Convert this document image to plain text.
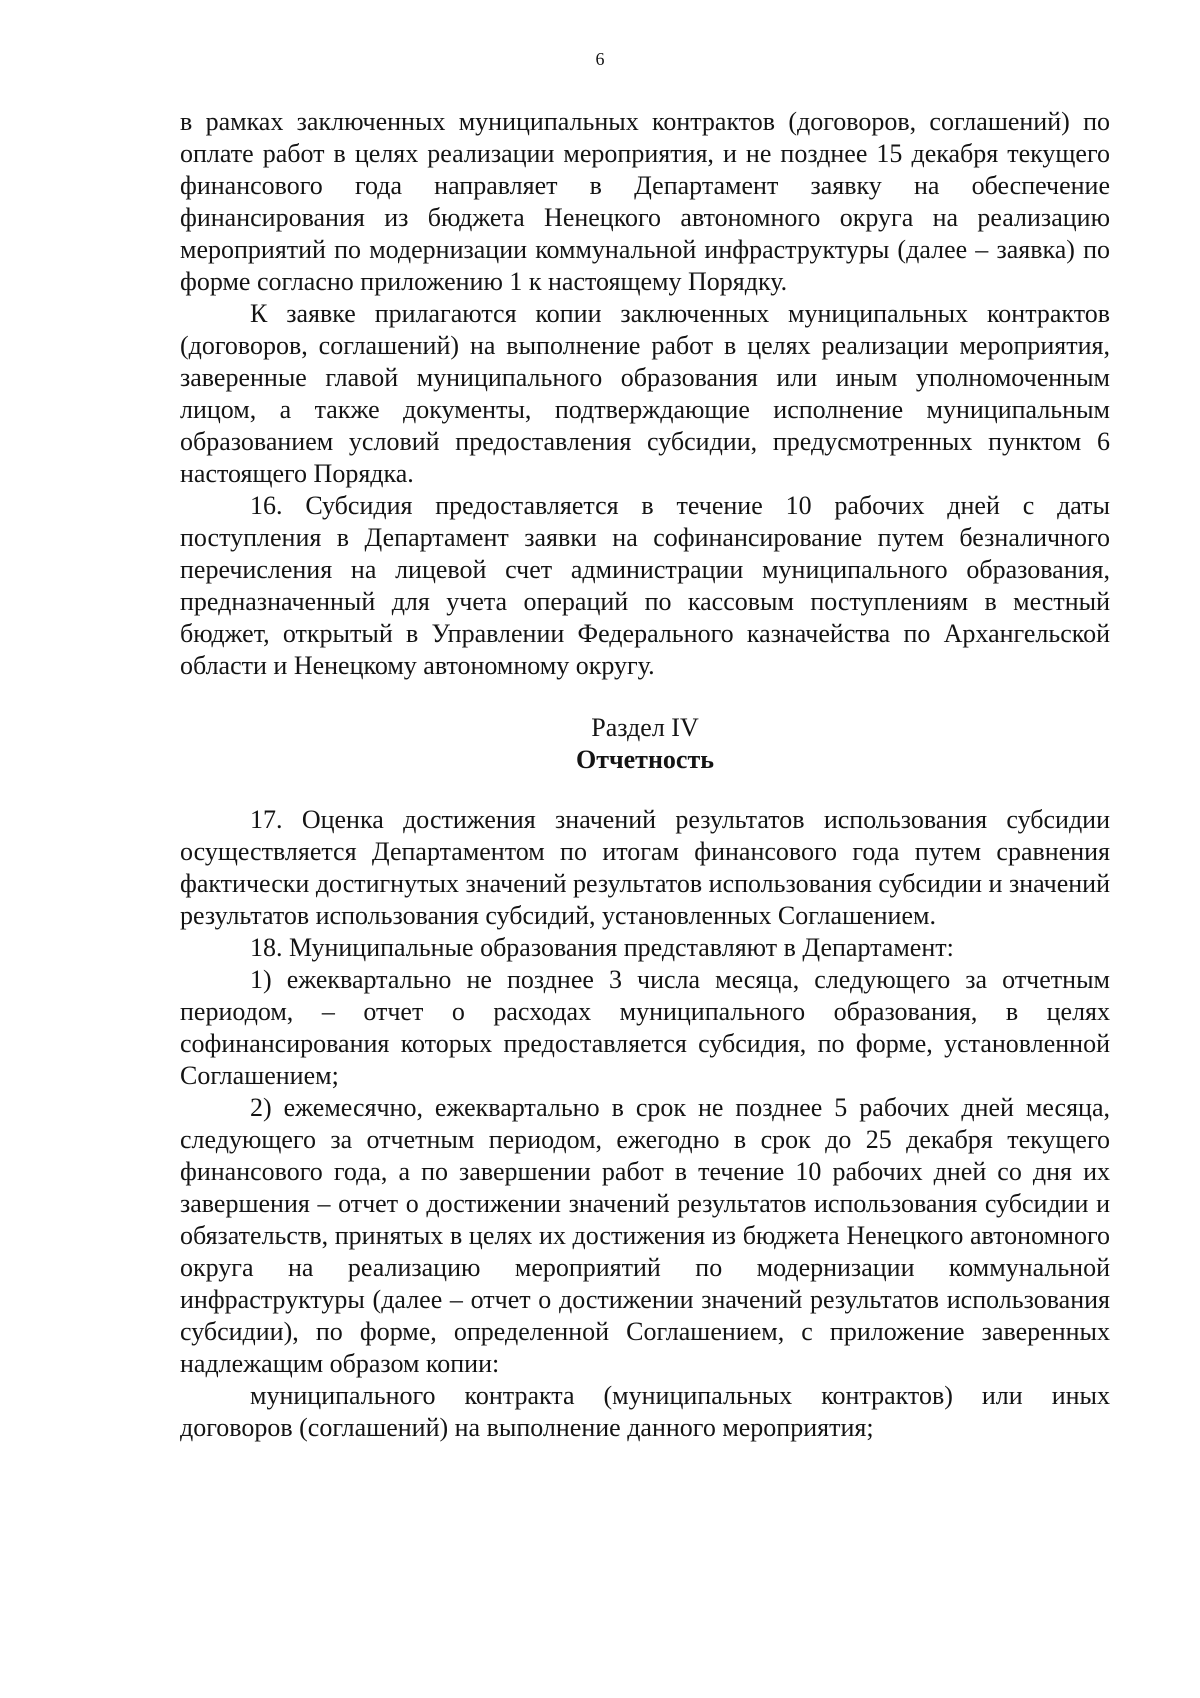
6

в рамках заключенных муниципальных контрактов (договоров, соглашений) по оплате работ в целях реализации мероприятия, и не позднее 15 декабря текущего финансового года направляет в Департамент заявку на обеспечение финансирования из бюджета Ненецкого автономного округа на реализацию мероприятий по модернизации коммунальной инфраструктуры (далее – заявка) по форме согласно приложению 1 к настоящему Порядку.

К заявке прилагаются копии заключенных муниципальных контрактов (договоров, соглашений) на выполнение работ в целях реализации мероприятия, заверенные главой муниципального образования или иным уполномоченным лицом, а также документы, подтверждающие исполнение муниципальным образованием условий предоставления субсидии, предусмотренных пунктом 6 настоящего Порядка.

16. Субсидия предоставляется в течение 10 рабочих дней с даты поступления в Департамент заявки на софинансирование путем безналичного перечисления на лицевой счет администрации муниципального образования, предназначенный для учета операций по кассовым поступлениям в местный бюджет, открытый в Управлении Федерального казначейства по Архангельской области и Ненецкому автономному округу.

Раздел IV
Отчетность

17. Оценка достижения значений результатов использования субсидии осуществляется Департаментом по итогам финансового года путем сравнения фактически достигнутых значений результатов использования субсидии и значений результатов использования субсидий, установленных Соглашением.

18. Муниципальные образования представляют в Департамент:

1) ежеквартально не позднее 3 числа месяца, следующего за отчетным периодом, – отчет о расходах муниципального образования, в целях софинансирования которых предоставляется субсидия, по форме, установленной Соглашением;

2) ежемесячно, ежеквартально в срок не позднее 5 рабочих дней месяца, следующего за отчетным периодом, ежегодно в срок до 25 декабря текущего финансового года, а по завершении работ в течение 10 рабочих дней со дня их завершения – отчет о достижении значений результатов использования субсидии и обязательств, принятых в целях их достижения из бюджета Ненецкого автономного округа на реализацию мероприятий по модернизации коммунальной инфраструктуры (далее – отчет о достижении значений результатов использования субсидии), по форме, определенной Соглашением, с приложение заверенных надлежащим образом копии:

муниципального контракта (муниципальных контрактов) или иных договоров (соглашений) на выполнение данного мероприятия;
